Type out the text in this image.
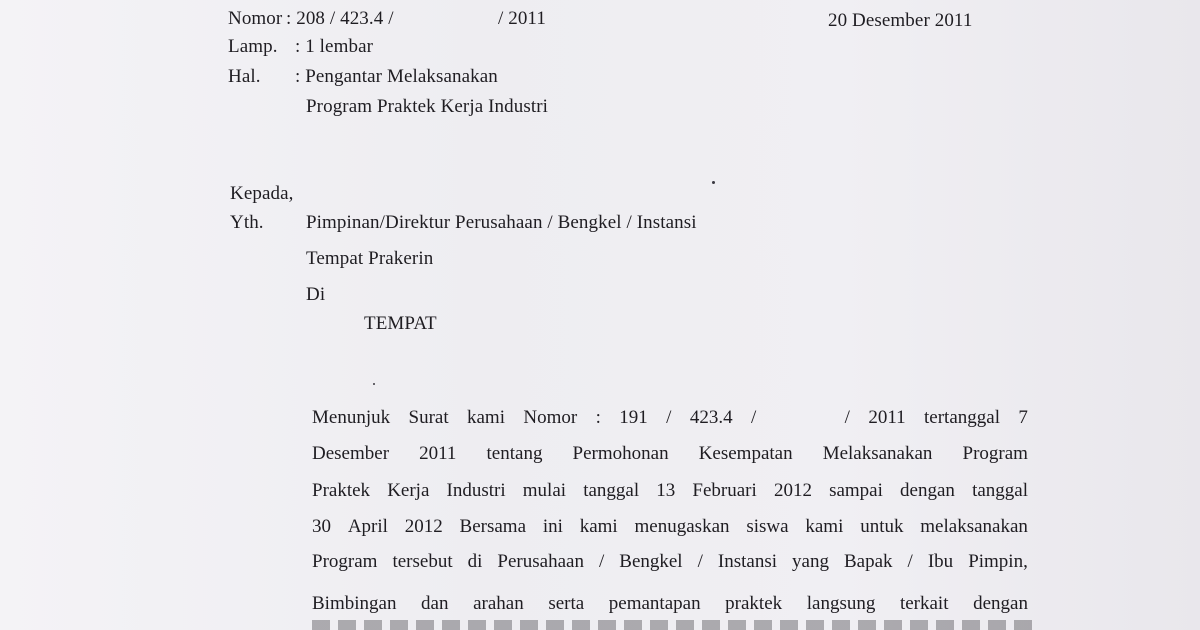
Nomor : 208 / 423.4 /	/ 2011	20 Desember 2011
Lamp. : 1 lembar
Hal. : Pengantar Melaksanakan
Program Praktek Kerja Industri
Kepada,
Yth. Pimpinan/Direktur Perusahaan / Bengkel / Instansi
Tempat Prakerin
Di
TEMPAT
Menunjuk Surat kami Nomor : 191 / 423.4 /	/ 2011 tertanggal 7
Desember 2011 tentang Permohonan Kesempatan Melaksanakan Program
Praktek Kerja Industri mulai tanggal 13 Februari 2012 sampai dengan tanggal
30 April 2012 Bersama ini kami menugaskan siswa kami untuk melaksanakan
Program tersebut di Perusahaan / Bengkel / Instansi yang Bapak / Ibu Pimpin,
Bimbingan dan arahan serta pemantapan praktek langsung terkait dengan
